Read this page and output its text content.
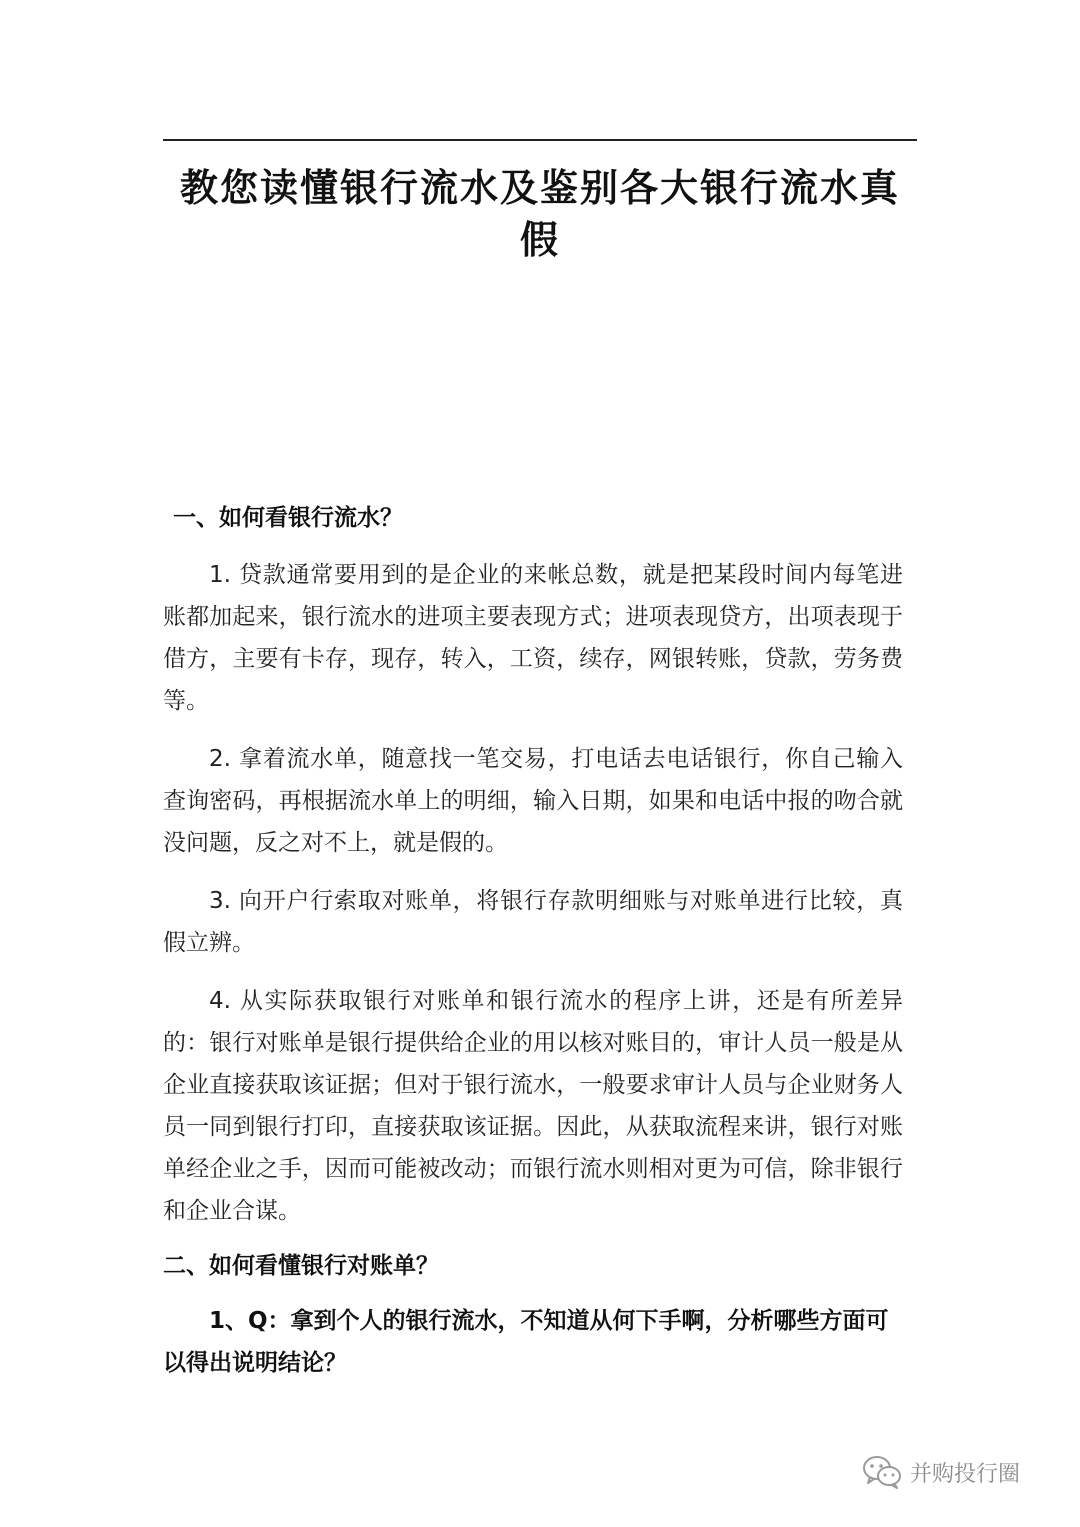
教您读懂银行流水及鉴别各大银行流水真假
一、如何看银行流水？

1. 贷款通常要用到的是企业的来帐总数，就是把某段时间内每笔进账都加起来，银行流水的进项主要表现方式；进项表现贷方，出项表现于借方，主要有卡存，现存，转入，工资，续存，网银转账，贷款，劳务费等。

2. 拿着流水单，随意找一笔交易，打电话去电话银行，你自己输入查询密码，再根据流水单上的明细，输入日期，如果和电话中报的吻合就没问题，反之对不上，就是假的。

3. 向开户行索取对账单，将银行存款明细账与对账单进行比较，真假立辨。

4. 从实际获取银行对账单和银行流水的程序上讲，还是有所差异的：银行对账单是银行提供给企业的用以核对账目的，审计人员一般是从企业直接获取该证据；但对于银行流水，一般要求审计人员与企业财务人员一同到银行打印，直接获取该证据。因此，从获取流程来讲，银行对账单经企业之手，因而可能被改动；而银行流水则相对更为可信，除非银行和企业合谋。

二、如何看懂银行对账单？

1、Q：拿到个人的银行流水，不知道从何下手啊，分析哪些方面可以得出说明结论？

并购投行圈
